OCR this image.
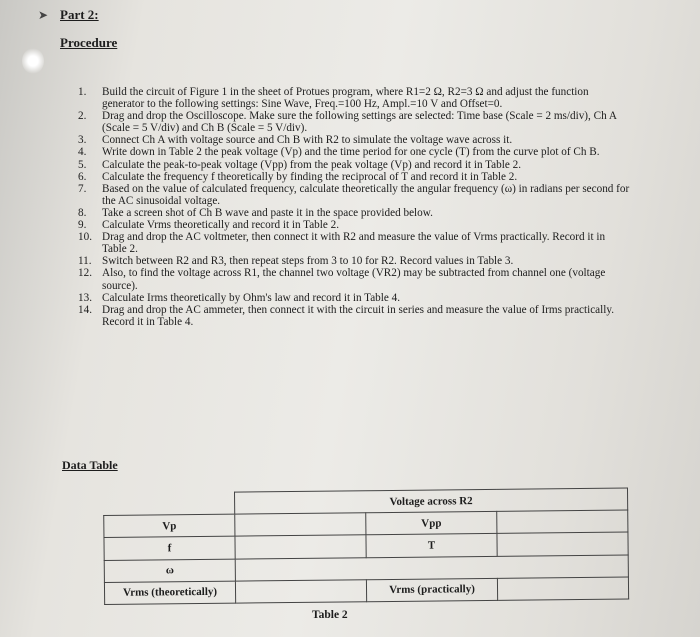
➤ Part 2:
Procedure
1. Build the circuit of Figure 1 in the sheet of Protues program, where R1=2 Ω, R2=3 Ω and adjust the function generator to the following settings: Sine Wave, Freq.=100 Hz, Ampl.=10 V and Offset=0.
2. Drag and drop the Oscilloscope. Make sure the following settings are selected: Time base (Scale = 2 ms/div), Ch A (Scale = 5 V/div) and Ch B (Scale = 5 V/div).
3. Connect Ch A with voltage source and Ch B with R2 to simulate the voltage wave across it.
4. Write down in Table 2 the peak voltage (Vp) and the time period for one cycle (T) from the curve plot of Ch B.
5. Calculate the peak-to-peak voltage (Vpp) from the peak voltage (Vp) and record it in Table 2.
6. Calculate the frequency f theoretically by finding the reciprocal of T and record it in Table 2.
7. Based on the value of calculated frequency, calculate theoretically the angular frequency (ω) in radians per second for the AC sinusoidal voltage.
8. Take a screen shot of Ch B wave and paste it in the space provided below.
9. Calculate Vrms theoretically and record it in Table 2.
10. Drag and drop the AC voltmeter, then connect it with R2 and measure the value of Vrms practically. Record it in Table 2.
11. Switch between R2 and R3, then repeat steps from 3 to 10 for R2. Record values in Table 3.
12. Also, to find the voltage across R1, the channel two voltage (VR2) may be subtracted from channel one (voltage source).
13. Calculate Irms theoretically by Ohm's law and record it in Table 4.
14. Drag and drop the AC ammeter, then connect it with the circuit in series and measure the value of Irms practically. Record it in Table 4.
Data Table
	Voltage across R2		
Vp		Vpp	
f		T	
ω			
Vrms (theoretically)		Vrms (practically)	
Table 2
